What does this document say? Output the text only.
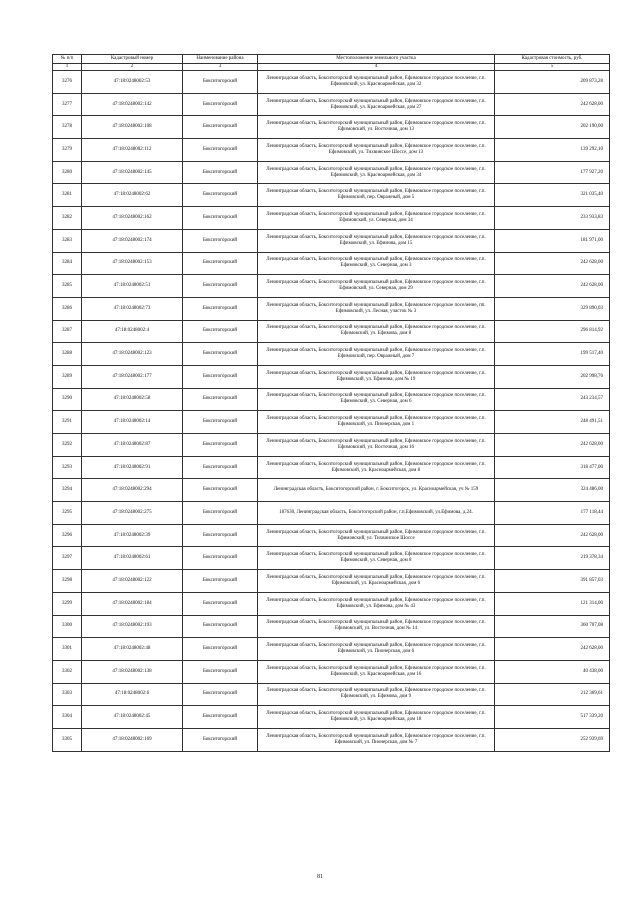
№ п/п	Кадастровый номер	Наименование района	Местоположение земельного участка	Кадастровая стоимость, руб.
1	2	3	4	5
3276	47:18:0248002:53	Бокситогорский	Ленинградская область, Бокситогорский муниципальный район, Ефимовское городское поселение, г.п. Ефимовский, ул. Красноармейская, дом 32	209 873,28
3277	47:18:0248002:142	Бокситогорский	Ленинградская область, Бокситогорский муниципальный район, Ефимовское городское поселение, г.п. Ефимовский, ул. Красноармейская, дом 27	242 628,00
3278	47:18:0248002:108	Бокситогорский	Ленинградская область, Бокситогорский муниципальный район, Ефимовское городское поселение, г.п. Ефимовский, ул. Восточная, дом 13	202 190,00
3279	47:18:0248002:112	Бокситогорский	Ленинградская область, Бокситогорский муниципальный район, Ефимовское городское поселение, г.п. Ефимовский, ул. Тихвинское Шоссе, дом 13	139 292,10
3280	47:18:0248002:145	Бокситогорский	Ленинградская область, Бокситогорский муниципальный район, Ефимовское городское поселение, г.п. Ефимовский, ул. Красноармейская, дом 34	177 927,20
3281	47:18:0248002:62	Бокситогорский	Ленинградская область, Бокситогорский муниципальный район, Ефимовское городское поселение, г.п. Ефимовский, пер. Овражный, дом 5	321 035,40
3282	47:18:0248002:162	Бокситогорский	Ленинградская область, Бокситогорский муниципальный район, Ефимовское городское поселение, г.п. Ефимовский, ул. Северная, дом 34	233 933,83
3283	47:18:0248002:174	Бокситогорский	Ленинградская область, Бокситогорский муниципальный район, Ефимовское городское поселение, г.п. Ефимовский, ул. Ефимова, дом 15	181 971,00
3284	47:18:0248002:153	Бокситогорский	Ленинградская область, Бокситогорский муниципальный район, Ефимовское городское поселение, г.п. Ефимовский, ул. Северная, дом 3	242 628,00
3285	47:18:0248002:51	Бокситогорский	Ленинградская область, Бокситогорский муниципальный район, Ефимовское городское поселение, г.п. Ефимовский, ул. Северная, дом 29	242 628,00
3286	47:18:0248002:73	Бокситогорский	Ленинградская область, Бокситогорский муниципальный район, Ефимовское городское поселение, пп. Ефимовский, ул. Лесная, участок № 3	329 890,03
3287	47:18:0248002:4	Бокситогорский	Ленинградская область, Бокситогорский муниципальный район, Ефимовское городское поселение, г.п. Ефимовский, ул. Ефимова, дом 8	296 814,92
3288	47:18:0248002:123	Бокситогорский	Ленинградская область, Бокситогорский муниципальный район, Ефимовское городское поселение, г.п. Ефимовский, пер. Овражный, дом 7	199 517,40
3289	47:18:0248002:177	Бокситогорский	Ленинградская область, Бокситогорский муниципальный район, Ефимовское городское поселение, г.п. Ефимовский, ул. Ефимова, дом № 19	202 998,76
3290	47:18:0248002:58	Бокситогорский	Ленинградская область, Бокситогорский муниципальный район, Ефимовское городское поселение, г.п. Ефимовский, ул. Северная, дом 6	243 234,57
3291	47:18:0248002:14	Бокситогорский	Ленинградская область, Бокситогорский муниципальный район, Ефимовское городское поселение, г.п. Ефимовский, ул. Пионерская, дом 1	248 491,51
3292	47:18:0248002:87	Бокситогорский	Ленинградская область, Бокситогорский муниципальный район, Ефимовское городское поселение, г.п. Ефимовский, ул. Восточная, дом 16	242 628,00
3293	47:18:0248002:91	Бокситогорский	Ленинградская область, Бокситогорский муниципальный район, Ефимовское городское поселение, г.п. Ефимовский, ул. Красноармейская, дом 8	318 477,00
3294	47:18:0248002:294	Бокситогорский	Ленинградская область, Бокситогорский район, г. Бокситогорск, ул. Красноармейская, уч № 159	324 486,00
3295	47:18:0248002:275	Бокситогорский	187630, Ленинградская область, Бокситогорский район, г.п.Ефимовский, ул.Ефимова, д.24.	177 118,44
3296	47:18:0248002:39	Бокситогорский	Ленинградская область, Бокситогорский муниципальный район, Ефимовское городское поселение, г.п. Ефимовский, ул. Тихвинское Шоссе	242 628,00
3297	47:18:0248002:61	Бокситогорский	Ленинградская область, Бокситогорский муниципальный район, Ефимовское городское поселение, г.п. Ефимовский, ул. Северная, дом 8	219 378,34
3298	47:18:0248002:122	Бокситогорский	Ленинградская область, Бокситогорский муниципальный район, Ефимовское городское поселение, г.п. Ефимовский, ул. Красноармейская, дом 6	391 857,03
3299	47:18:0248002:184	Бокситогорский	Ленинградская область, Бокситогорский муниципальный район, Ефимовское городское поселение, г.п. Ефимовский, ул. Ефимова, дом № 43	121 314,00
3300	47:18:0248002:193	Бокситогорский	Ленинградская область, Бокситогорский муниципальный район, Ефимовское городское поселение, г.п. Ефимовский, ул. Восточная, дом № 14	360 707,08
3301	47:18:0248002:48	Бокситогорский	Ленинградская область, Бокситогорский муниципальный район, Ефимовское городское поселение, г.п. Ефимовский, ул. Пионерская, дом 6	242 628,00
3302	47:18:0248002:138	Бокситогорский	Ленинградская область, Бокситогорский муниципальный район, Ефимовское городское поселение, г.п. Ефимовский, ул. Красноармейская, дом 16	40 438,00
3303	47:18:0248002:6	Бокситогорский	Ленинградская область, Бокситогорский муниципальный район, Ефимовское городское поселение, г.п. Ефимовский, ул. Ефимова, дом 9	212 369,61
3304	47:18:0248002:45	Бокситогорский	Ленинградская область, Бокситогорский муниципальный район, Ефимовское городское поселение, г.п. Ефимовский, ул. Красноармейская, дом 18	517 339,20
3305	47:18:0248002:169	Бокситогорский	Ленинградская область, Бокситогорский муниципальный район, Ефимовское городское поселение, г.п. Ефимовский, ул. Пионерская, дом № 7	252 939,69
81
